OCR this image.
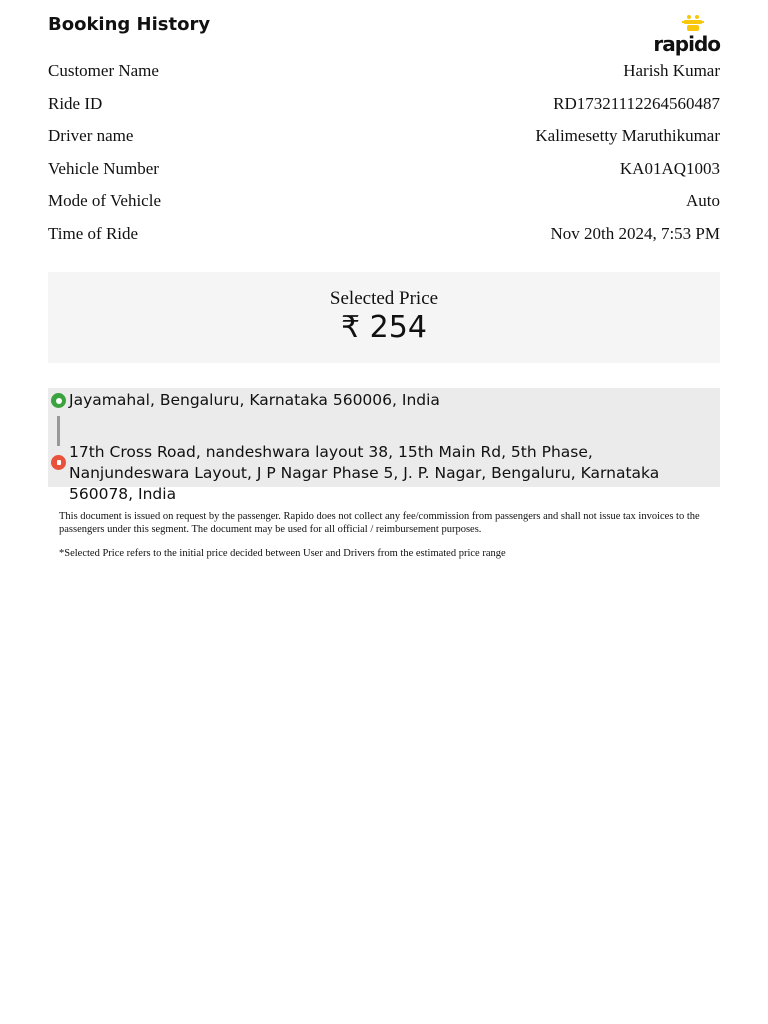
Booking History
rapido
Customer Name	Harish Kumar
Ride ID	RD17321112264560487
Driver name	Kalimesetty Maruthikumar
Vehicle Number	KA01AQ1003
Mode of Vehicle	Auto
Time of Ride	Nov 20th 2024, 7:53 PM
Selected Price
₹ 254
Jayamahal, Bengaluru, Karnataka 560006, India
17th Cross Road, nandeshwara layout 38, 15th Main Rd, 5th Phase, Nanjundeswara Layout, J P Nagar Phase 5, J. P. Nagar, Bengaluru, Karnataka 560078, India
This document is issued on request by the passenger. Rapido does not collect any fee/commission from passengers and shall not issue tax invoices to the passengers under this segment. The document may be used for all official / reimbursement purposes.
*Selected Price refers to the initial price decided between User and Drivers from the estimated price range
